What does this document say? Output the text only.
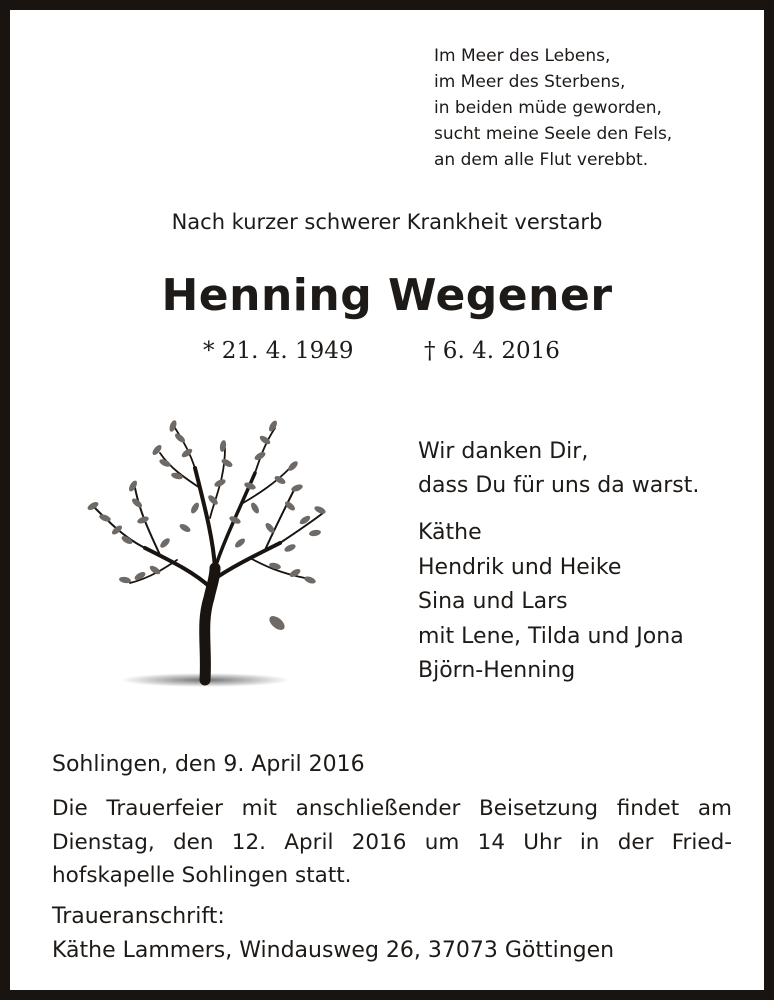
Im Meer des Lebens,
im Meer des Sterbens,
in beiden müde geworden,
sucht meine Seele den Fels,
an dem alle Flut verebbt.
Nach kurzer schwerer Krankheit verstarb
Henning Wegener
* 21. 4. 1949	† 6. 4. 2016
Wir danken Dir,
dass Du für uns da warst.
Käthe
Hendrik und Heike
Sina und Lars
mit Lene, Tilda und Jona
Björn-Henning
Sohlingen, den 9. April 2016
Die Trauerfeier mit anschließender Beisetzung findet am
Dienstag, den 12. April 2016 um 14 Uhr in der Fried-
hofskapelle Sohlingen statt.
Traueranschrift:
Käthe Lammers, Windausweg 26, 37073 Göttingen
